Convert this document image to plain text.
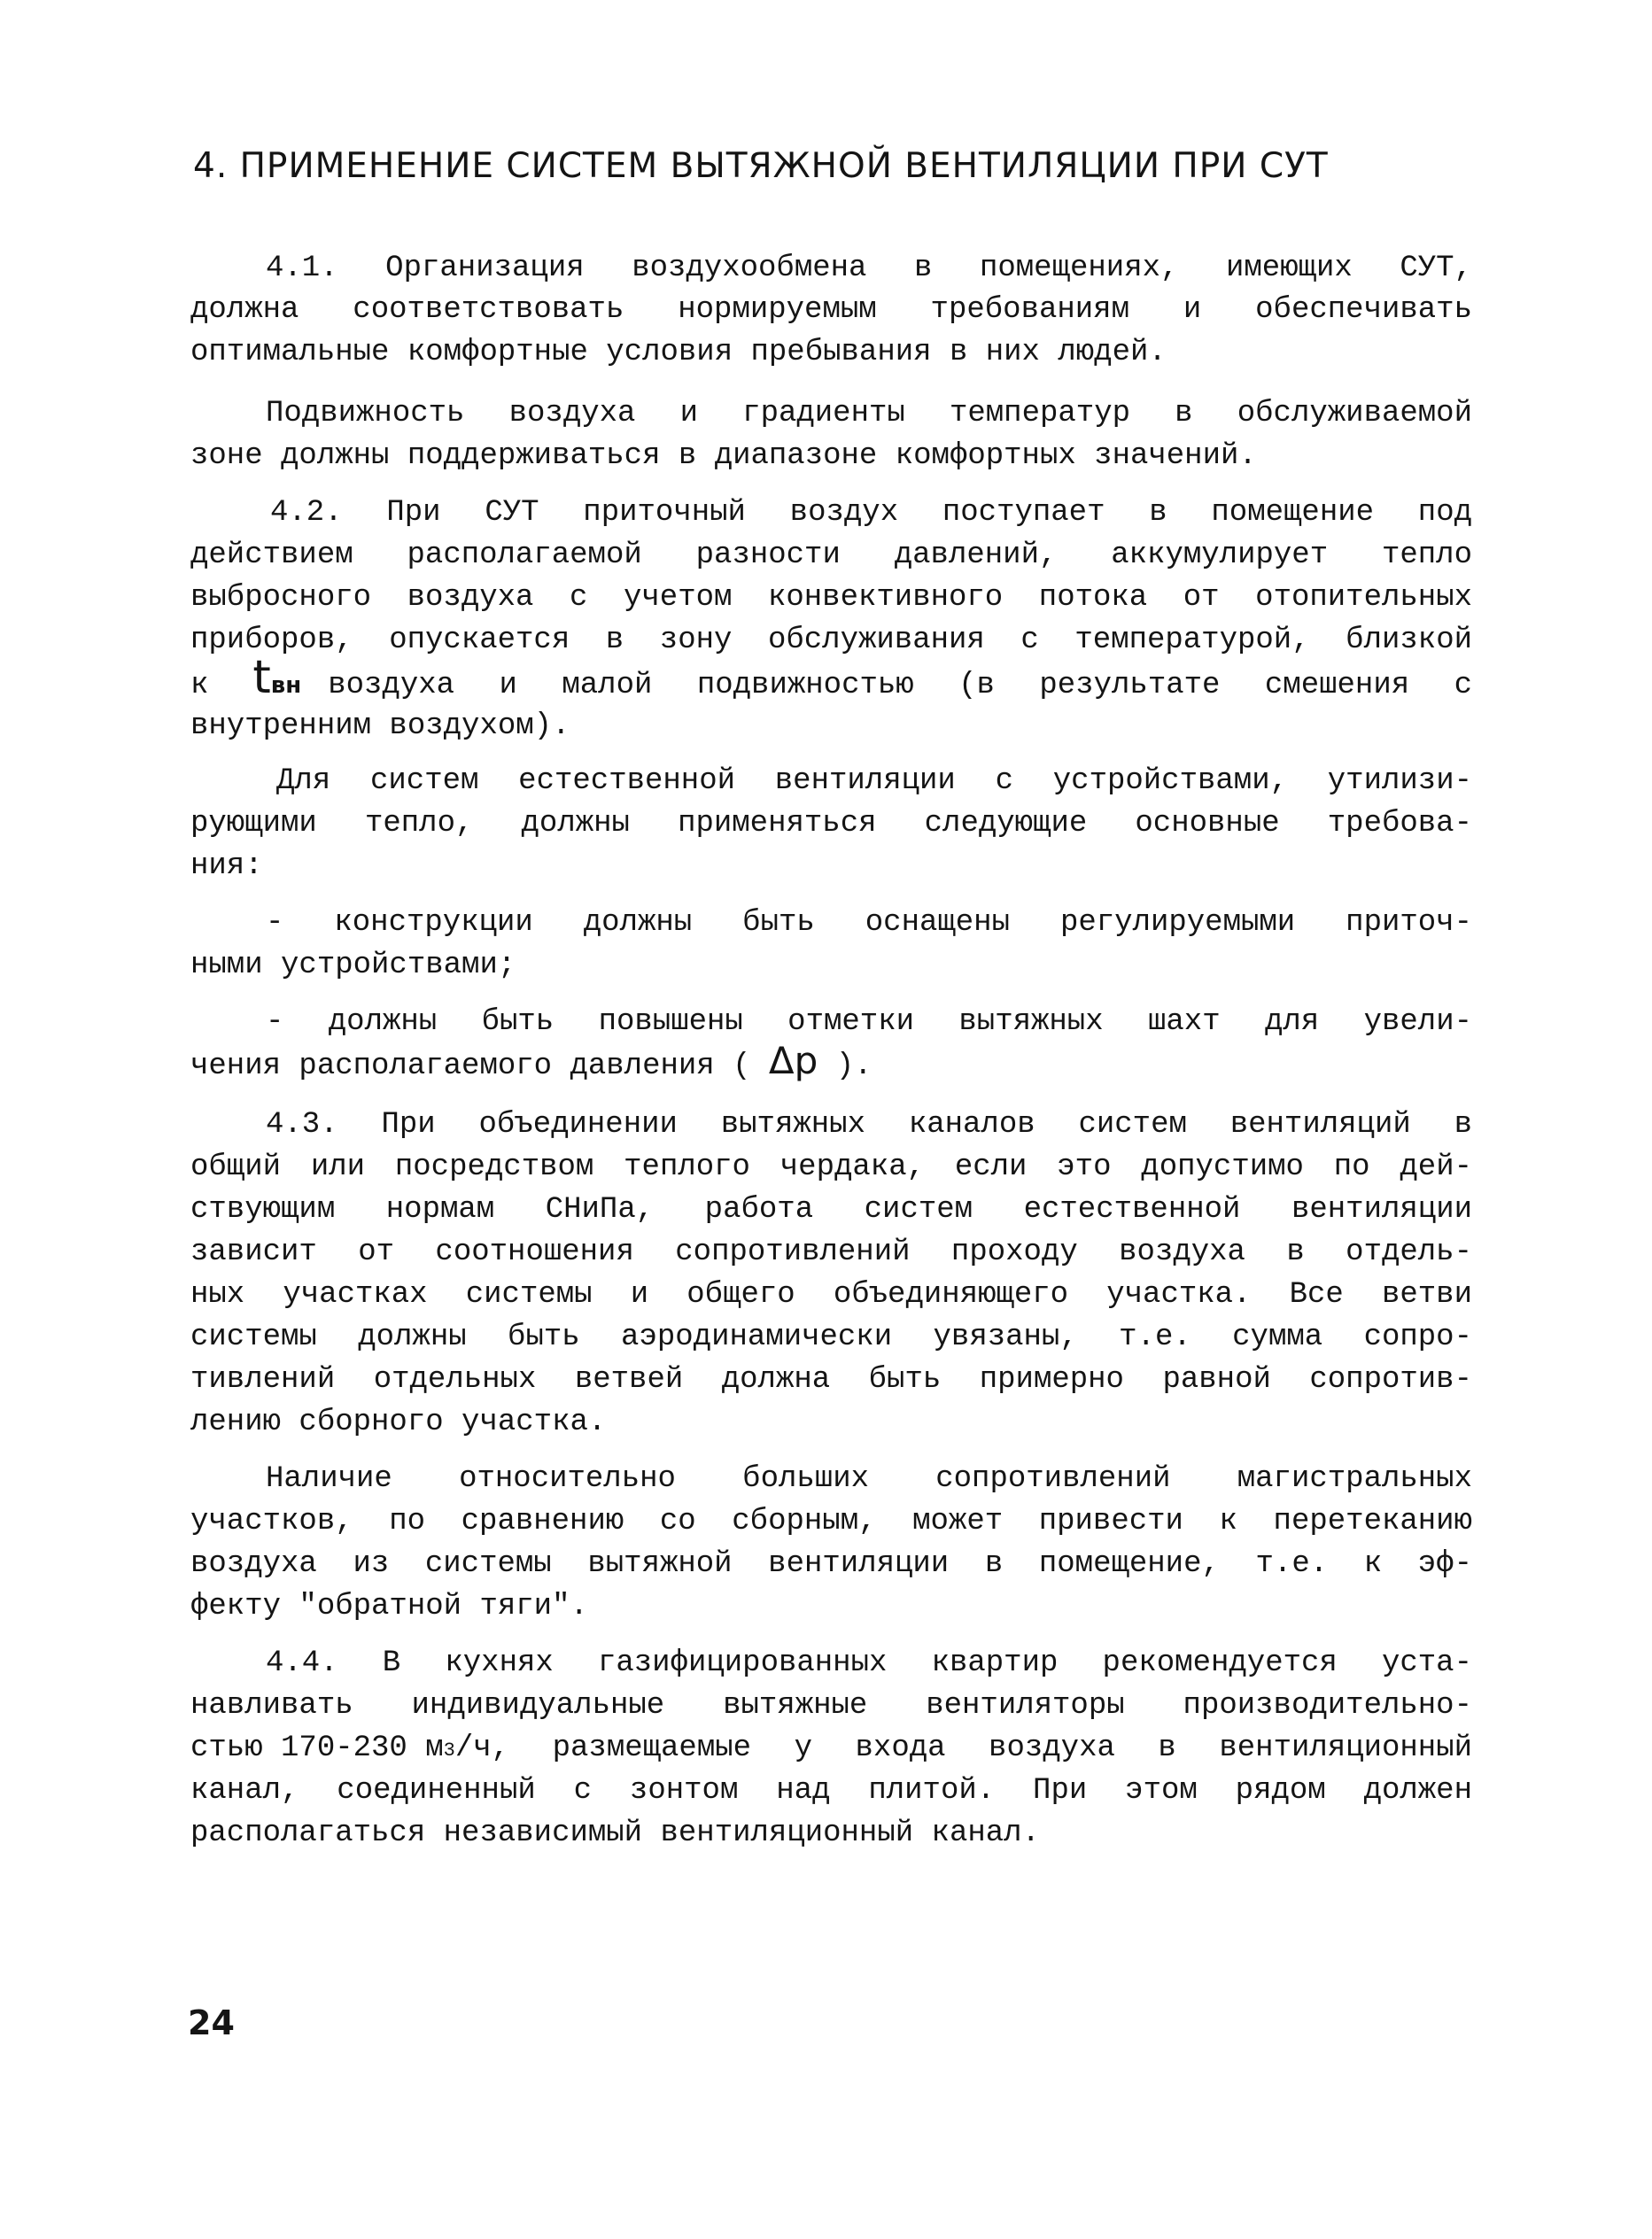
4. ПРИМЕНЕНИЕ СИСТЕМ ВЫТЯЖНОЙ ВЕНТИЛЯЦИИ ПРИ СУТ
4.1. Организация воздухообмена в помещениях, имеющих СУТ,
должна соответствовать нормируемым требованиям и обеспечивать
оптимальные комфортные условия пребывания в них людей.
Подвижность воздуха и градиенты температур в обслуживаемой
зоне должны поддерживаться в диапазоне комфортных значений.
4.2. При СУТ приточный воздух поступает в помещение под
действием располагаемой разности давлений, аккумулирует тепло
выбросного воздуха с учетом конвективного потока от отопительных
приборов, опускается в зону обслуживания с температурой, близкой
к t вн воздуха и малой подвижностью (в результате смешения с
внутренним воздухом).
Для систем естественной вентиляции с устройствами, утилизи-
рующими тепло, должны применяться следующие основные требова-
ния:
- конструкции должны быть оснащены регулируемыми приточ-
ными устройствами;
- должны быть повышены отметки вытяжных шахт для увели-
чения располагаемого давления ( Δp ).
4.3. При объединении вытяжных каналов систем вентиляций в
общий или посредством теплого чердака, если это допустимо по дей-
ствующим нормам СНиПа, работа систем естественной вентиляции
зависит от соотношения сопротивлений проходу воздуха в отдель-
ных участках системы и общего объединяющего участка. Все ветви
системы должны быть аэродинамически увязаны, т.е. сумма сопро-
тивлений отдельных ветвей должна быть примерно равной сопротив-
лению сборного участка.
Наличие относительно больших сопротивлений магистральных
участков, по сравнению со сборным, может привести к перетеканию
воздуха из системы вытяжной вентиляции в помещение, т.е. к эф-
фекту "обратной тяги".
4.4. В кухнях газифицированных квартир рекомендуется уста-
навливать индивидуальные вытяжные вентиляторы производительно-
стью 170-230 м 3 /ч, размещаемые у входа воздуха в вентиляционный
канал, соединенный с зонтом над плитой. При этом рядом должен
располагаться независимый вентиляционный канал.
24
